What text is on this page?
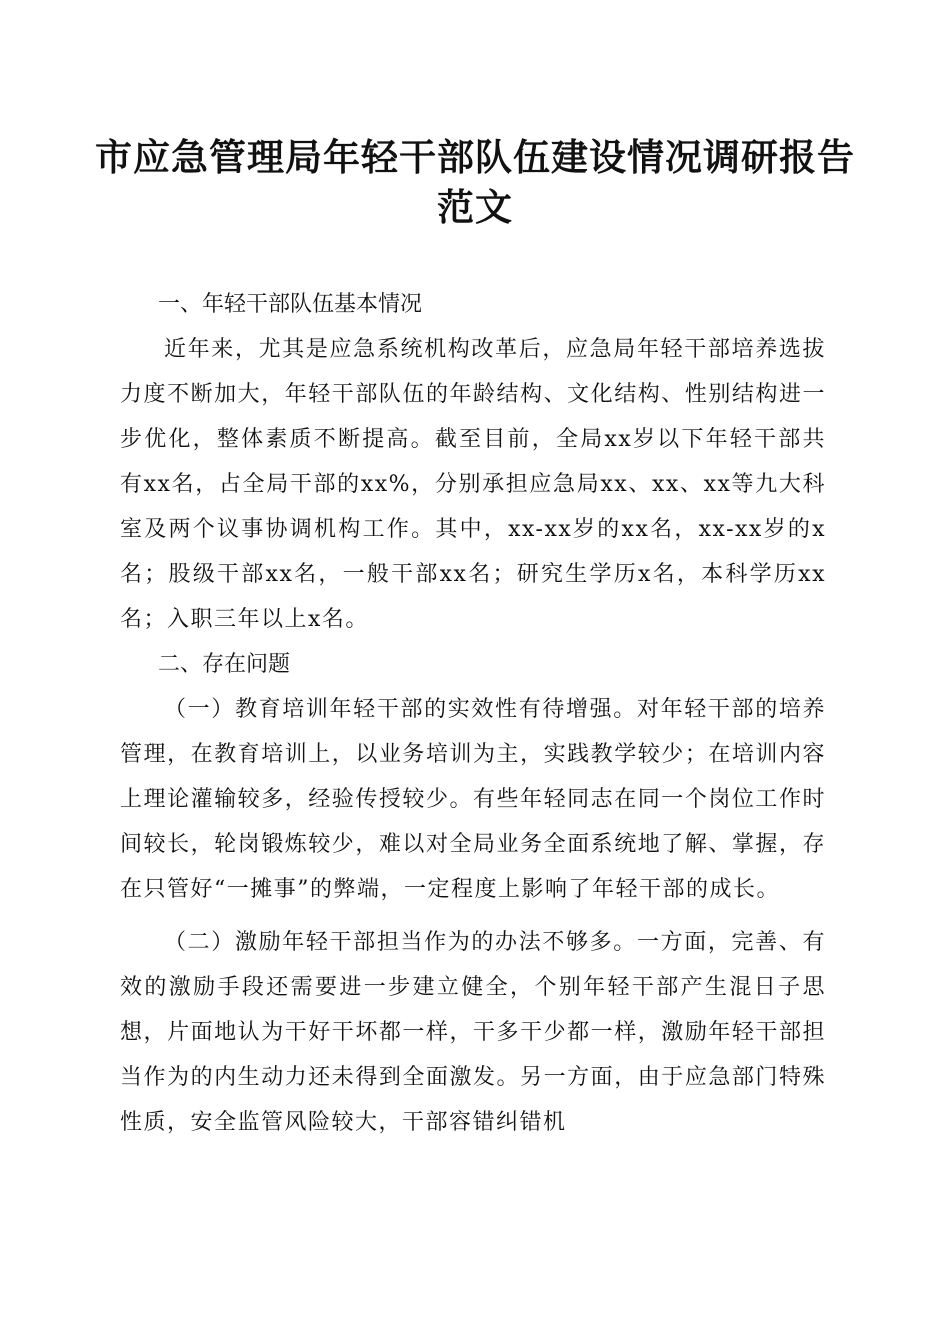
市应急管理局年轻干部队伍建设情况调研报告
范文

一、年轻干部队伍基本情况

近年来，尤其是应急系统机构改革后，应急局年轻干部培养选拔力度不断加大，年轻干部队伍的年龄结构、文化结构、性别结构进一步优化，整体素质不断提高。截至目前，全局xx岁以下年轻干部共有xx名，占全局干部的xx%，分别承担应急局xx、xx、xx等九大科室及两个议事协调机构工作。其中，xx-xx岁的xx名，xx-xx岁的x名；股级干部xx名，一般干部xx名；研究生学历x名，本科学历xx名；入职三年以上x名。

二、存在问题

（一）教育培训年轻干部的实效性有待增强。对年轻干部的培养管理，在教育培训上，以业务培训为主，实践教学较少；在培训内容上理论灌输较多，经验传授较少。有些年轻同志在同一个岗位工作时间较长，轮岗锻炼较少，难以对全局业务全面系统地了解、掌握，存在只管好“一摊事”的弊端，一定程度上影响了年轻干部的成长。

（二）激励年轻干部担当作为的办法不够多。一方面，完善、有效的激励手段还需要进一步建立健全，个别年轻干部产生混日子思想，片面地认为干好干坏都一样，干多干少都一样，激励年轻干部担当作为的内生动力还未得到全面激发。另一方面，由于应急部门特殊性质，安全监管风险较大，干部容错纠错机
